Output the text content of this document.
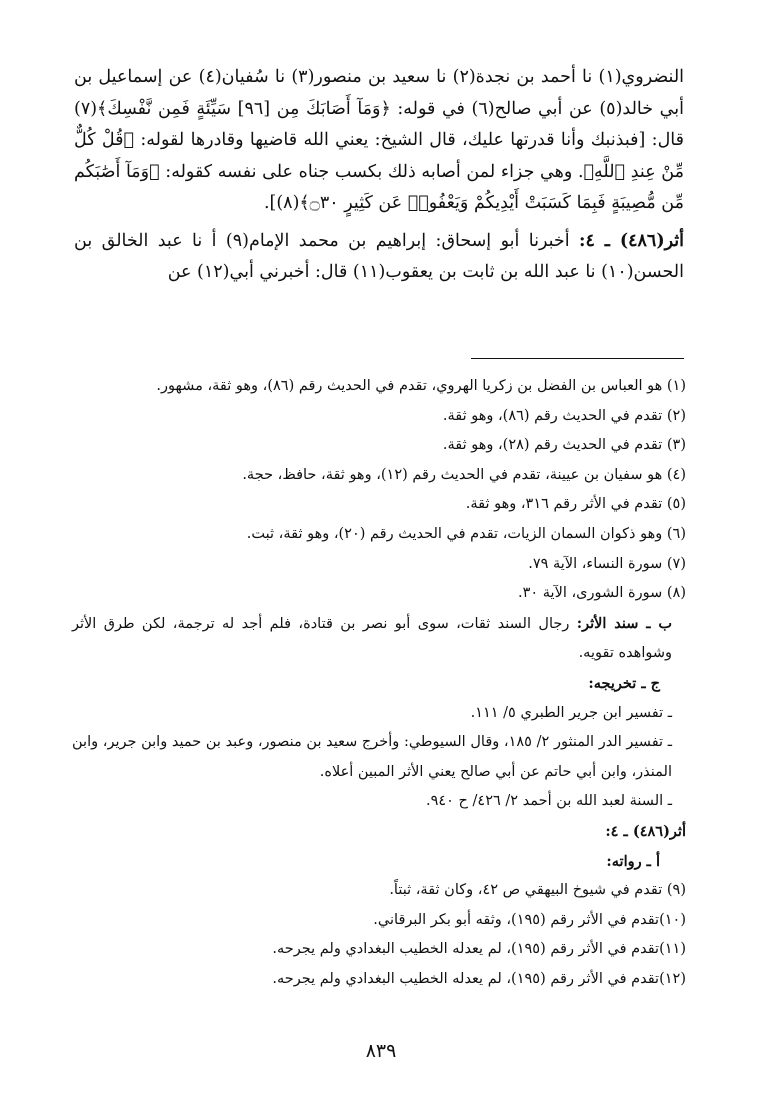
النضروي(١) نا أحمد بن نجدة(٢) نا سعيد بن منصور(٣) نا سُفيان(٤) عن إسماعيل بن أبي خالد(٥) عن أبي صالح(٦) في قوله: ﴿وَمَآ أَصَابَكَ مِن [٩٦] سَيِّئَةٍ فَمِن نَّفْسِكَ﴾(٧) قال: [فبذنبك وأنا قدرتها عليك، قال الشيخ: يعني الله قاضيها وقادرها لقوله: ﴿قُلْ كُلٌّ مِّنْ عِندِ ٱللَّهِ﴾. وهي جزاء لمن أصابه ذلك بكسب جناه على نفسه كقوله: ﴿وَمَآ أَصَٰبَكُم مِّن مُّصِيبَةٍ فَبِمَا كَسَبَتْ أَيْدِيكُمْ وَيَعْفُوا۟ عَن كَثِيرٍ ۝٣٠﴾(٨)].

أثر(٤٨٦) ـ ٤: أخبرنا أبو إسحاق: إبراهيم بن محمد الإمام(٩) أ نا عبد الخالق بن الحسن(١٠) نا عبد الله بن ثابت بن يعقوب(١١) قال: أخبرني أبي(١٢) عن

(١) هو العباس بن الفضل بن زكريا الهروي، تقدم في الحديث رقم (٨٦)، وهو ثقة، مشهور.
(٢) تقدم في الحديث رقم (٨٦)، وهو ثقة.
(٣) تقدم في الحديث رقم (٢٨)، وهو ثقة.
(٤) هو سفيان بن عيينة، تقدم في الحديث رقم (١٢)، وهو ثقة، حافظ، حجة.
(٥) تقدم في الأثر رقم ٣١٦، وهو ثقة.
(٦) وهو ذكوان السمان الزيات، تقدم في الحديث رقم (٢٠)، وهو ثقة، ثبت.
(٧) سورة النساء، الآية ٧٩.
(٨) سورة الشورى، الآية ٣٠.
ب ـ سند الأثر: رجال السند ثقات، سوى أبو نصر بن قتادة، فلم أجد له ترجمة، لكن طرق الأثر وشواهده تقويه.
ج ـ تخريجه:
ـ تفسير ابن جرير الطبري ٥/ ١١١.
ـ تفسير الدر المنثور ٢/ ١٨٥، وقال السيوطي: وأخرج سعيد بن منصور، وعبد بن حميد وابن جرير، وابن المنذر، وابن أبي حاتم عن أبي صالح يعني الأثر المبين أعلاه.
ـ السنة لعبد الله بن أحمد ٢/ ٤٢٦/ ح ٩٤٠.
أثر(٤٨٦) ـ ٤:
أ ـ رواته:
(٩) تقدم في شيوخ البيهقي ص ٤٢، وكان ثقة، ثبتاً.
(١٠)تقدم في الأثر رقم (١٩٥)، وثقه أبو بكر البرقاني.
(١١)تقدم في الأثر رقم (١٩٥)، لم يعدله الخطيب البغدادي ولم يجرحه.
(١٢)تقدم في الأثر رقم (١٩٥)، لم يعدله الخطيب البغدادي ولم يجرحه.
٨٣٩
